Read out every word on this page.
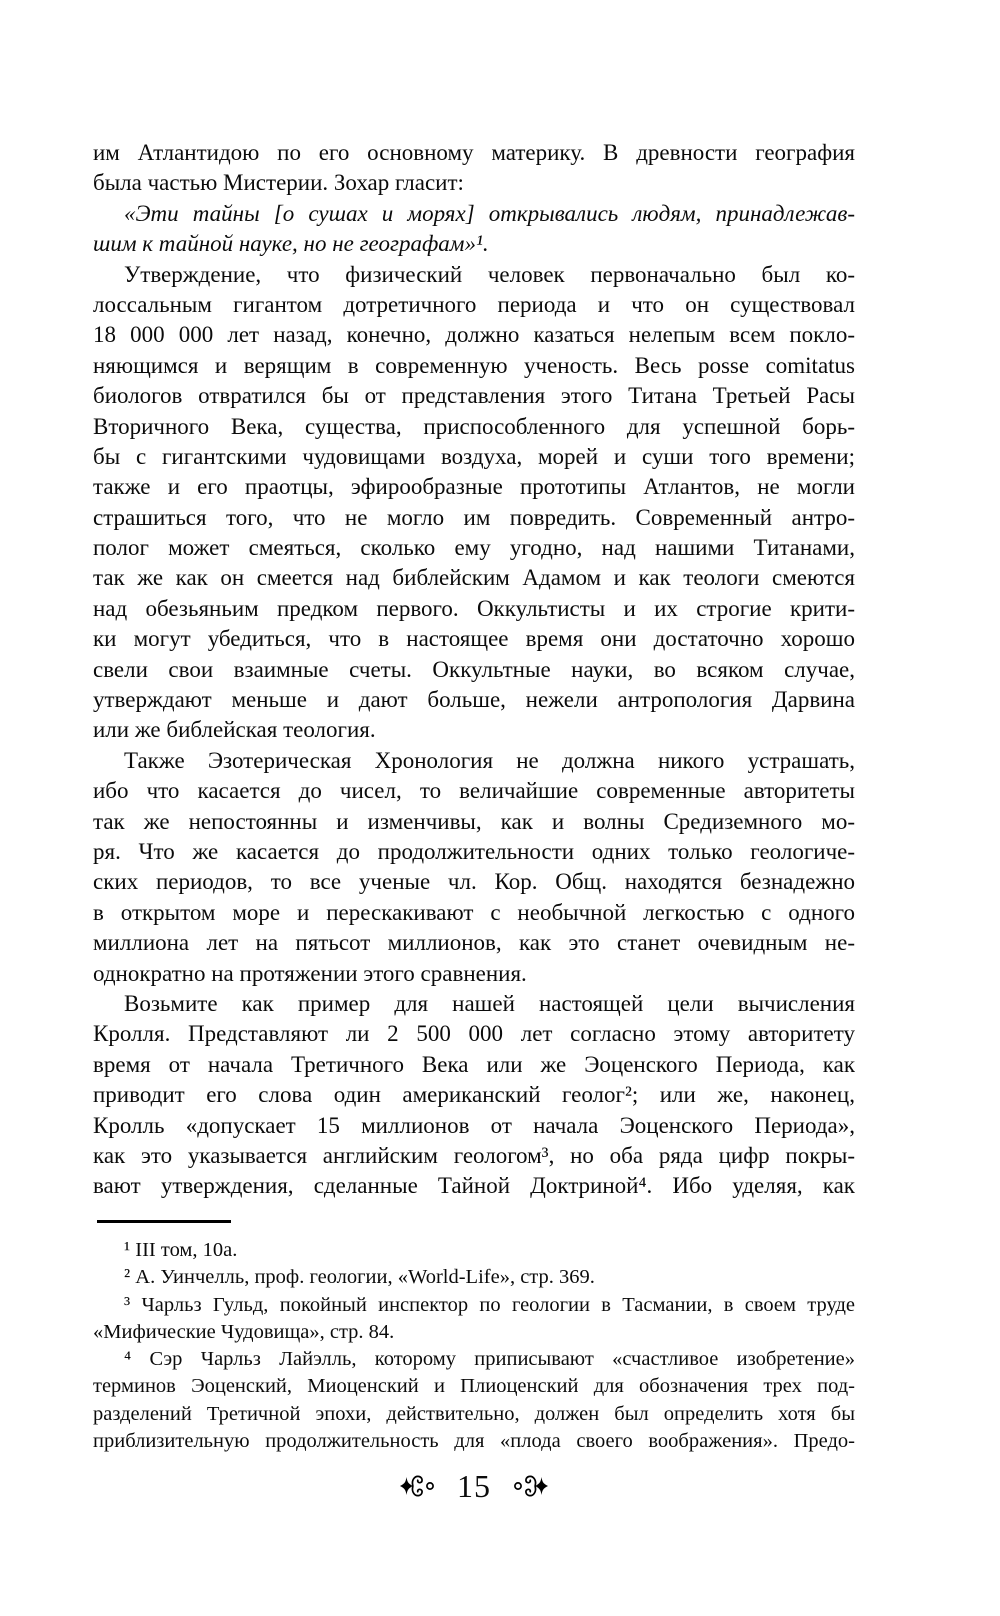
им Атлантидою по его основному материку. В древности география
была частью Мистерии. Зохар гласит:
«Эти тайны [о сушах и морях] открывались людям, принадлежав-
шим к тайной науке, но не географам»¹.
Утверждение, что физический человек первоначально был ко-
лоссальным гигантом дотретичного периода и что он существовал
18 000 000 лет назад, конечно, должно казаться нелепым всем покло-
няющимся и верящим в современную ученость. Весь posse comitatus
биологов отвратился бы от представления этого Титана Третьей Расы
Вторичного Века, существа, приспособленного для успешной борь-
бы с гигантскими чудовищами воздуха, морей и суши того времени;
также и его праотцы, эфирообразные прототипы Атлантов, не могли
страшиться того, что не могло им повредить. Современный антро-
полог может смеяться, сколько ему угодно, над нашими Титанами,
так же как он смеется над библейским Адамом и как теологи смеются
над обезьяньим предком первого. Оккультисты и их строгие крити-
ки могут убедиться, что в настоящее время они достаточно хорошо
свели свои взаимные счеты. Оккультные науки, во всяком случае,
утверждают меньше и дают больше, нежели антропология Дарвина
или же библейская теология.
Также Эзотерическая Хронология не должна никого устрашать,
ибо что касается до чисел, то величайшие современные авторитеты
так же непостоянны и изменчивы, как и волны Средиземного мо-
ря. Что же касается до продолжительности одних только геологиче-
ских периодов, то все ученые чл. Кор. Общ. находятся безнадежно
в открытом море и перескакивают с необычной легкостью с одного
миллиона лет на пятьсот миллионов, как это станет очевидным не-
однократно на протяжении этого сравнения.
Возьмите как пример для нашей настоящей цели вычисления
Кролля. Представляют ли 2 500 000 лет согласно этому авторитету
время от начала Третичного Века или же Эоценского Периода, как
приводит его слова один американский геолог²; или же, наконец,
Кролль «допускает 15 миллионов от начала Эоценского Периода»,
как это указывается английским геологом³, но оба ряда цифр покры-
вают утверждения, сделанные Тайной Доктриной⁴. Ибо уделяя, как
¹ III том, 10а.
² А. Уинчелль, проф. геологии, «World-Life», стр. 369.
³ Чарльз Гульд, покойный инспектор по геологии в Тасмании, в своем труде
«Мифические Чудовища», стр. 84.
⁴ Сэр Чарльз Лайэлль, которому приписывают «счастливое изобретение»
терминов Эоценский, Миоценский и Плиоценский для обозначения трех под-
разделений Третичной эпохи, действительно, должен был определить хотя бы
приблизительную продолжительность для «плода своего воображения». Предо-
15
